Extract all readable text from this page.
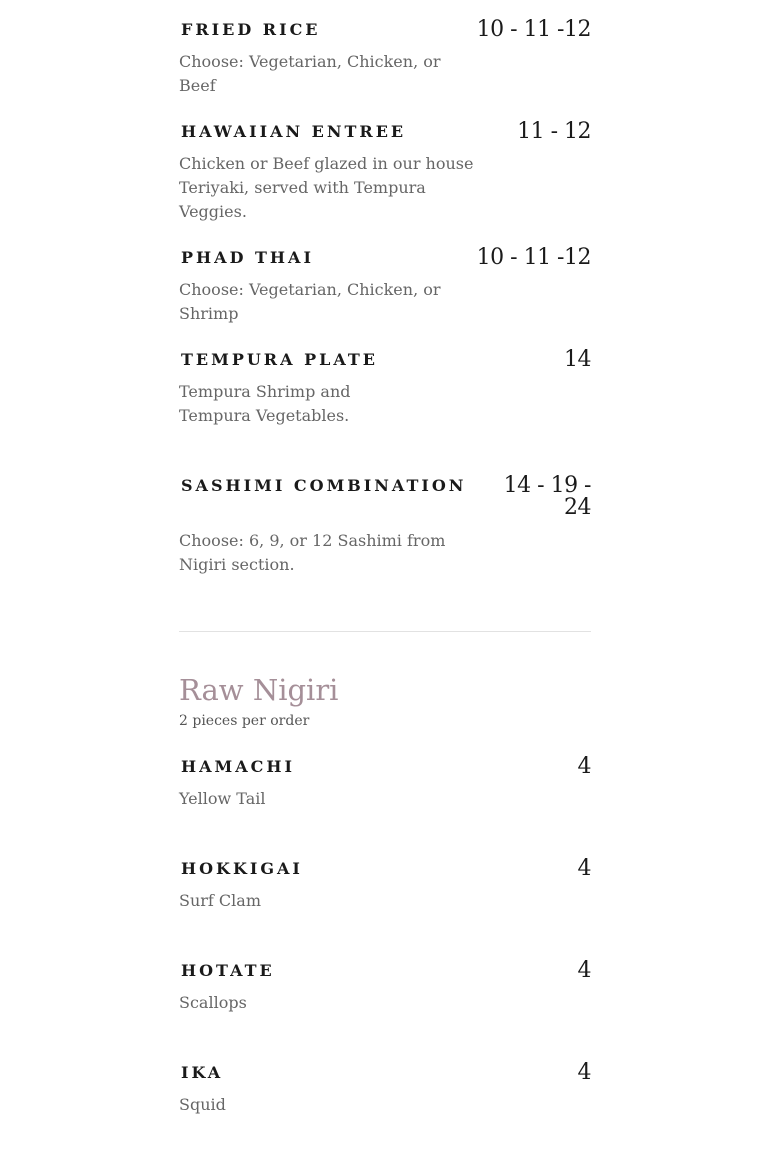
FRIED RICE	10 - 11 -12
Choose: Vegetarian, Chicken, or Beef
HAWAIIAN ENTREE	11 - 12
Chicken or Beef glazed in our house Teriyaki, served with Tempura Veggies.
PHAD THAI	10 - 11 -12
Choose: Vegetarian, Chicken, or Shrimp
TEMPURA PLATE	14
Tempura Shrimp and Tempura Vegetables.
SASHIMI COMBINATION 14 - 19 - 24
Choose: 6, 9, or 12 Sashimi from Nigiri section.
Raw Nigiri
2 pieces per order
HAMACHI	4
Yellow Tail
HOKKIGAI	4
Surf Clam
HOTATE	4
Scallops
IKA	4
Squid
